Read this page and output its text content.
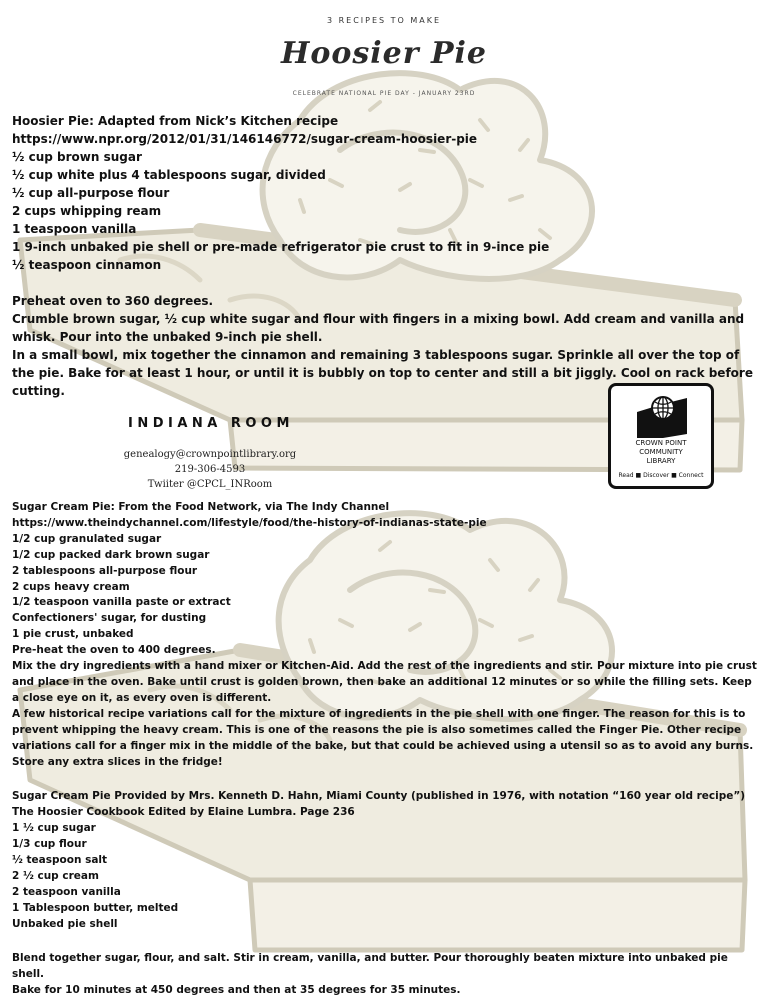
3 RECIPES TO MAKE
Hoosier Pie
CELEBRATE NATIONAL PIE DAY - JANUARY 23RD
Hoosier Pie: Adapted from Nick’s Kitchen recipe
https://www.npr.org/2012/01/31/146146772/sugar-cream-hoosier-pie
½ cup brown sugar
½ cup white plus 4 tablespoons sugar, divided
½ cup all-purpose flour
2 cups whipping ream
1 teaspoon vanilla
1 9-inch unbaked pie shell or pre-made refrigerator pie crust to fit in 9-ince pie
½ teaspoon cinnamon
Preheat oven to 360 degrees.
Crumble brown sugar, ½ cup white sugar and flour with fingers in a mixing bowl. Add cream and vanilla and whisk. Pour into the unbaked 9-inch pie shell.
In a small bowl, mix together the cinnamon and remaining 3 tablespoons sugar. Sprinkle all over the top of the pie. Bake for at least 1 hour, or until it is bubbly on top to center and still a bit jiggly. Cool on rack before cutting.
INDIANA ROOM
genealogy@crownpointlibrary.org
219-306-4593
Twiiter @CPCL_INRoom
CROWN POINT
COMMUNITY
LIBRARY
Read ■ Discover ■ Connect
Sugar Cream Pie: From the Food Network, via The Indy Channel
https://www.theindychannel.com/lifestyle/food/the-history-of-indianas-state-pie
1/2 cup granulated sugar
1/2 cup packed dark brown sugar
2 tablespoons all-purpose flour
2 cups heavy cream
1/2 teaspoon vanilla paste or extract
Confectioners' sugar, for dusting
1 pie crust, unbaked
Pre-heat the oven to 400 degrees.
Mix the dry ingredients with a hand mixer or Kitchen-Aid. Add the rest of the ingredients and stir. Pour mixture into pie crust and place in the oven. Bake until crust is golden brown, then bake an additional 12 minutes or so while the filling sets. Keep a close eye on it, as every oven is different.
A few historical recipe variations call for the mixture of ingredients in the pie shell with one finger. The reason for this is to prevent whipping the heavy cream. This is one of the reasons the pie is also sometimes called the Finger Pie. Other recipe variations call for a finger mix in the middle of the bake, but that could be achieved using a utensil so as to avoid any burns.
Store any extra slices in the fridge!
Sugar Cream Pie Provided by Mrs. Kenneth D. Hahn, Miami County (published in 1976, with notation “160 year old recipe”)
The Hoosier Cookbook Edited by Elaine Lumbra. Page 236
1 ½ cup sugar
1/3 cup flour
½ teaspoon salt
2 ½ cup cream
2 teaspoon vanilla
1 Tablespoon butter, melted
Unbaked pie shell
Blend together sugar, flour, and salt. Stir in cream, vanilla, and butter. Pour thoroughly beaten mixture into unbaked pie shell.
Bake for 10 minutes at 450 degrees and then at 35 degrees for 35 minutes.
